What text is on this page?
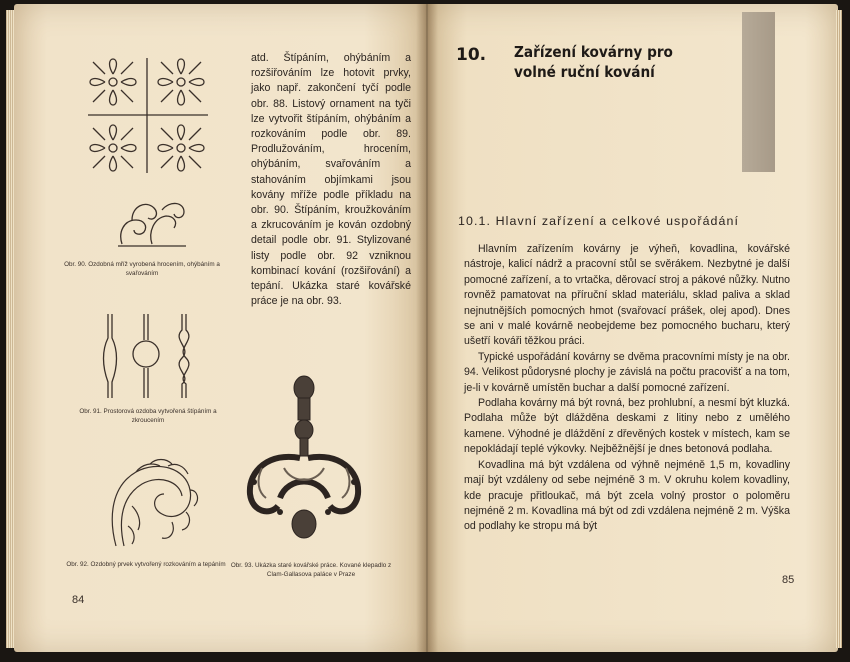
Obr. 90. Ozdobná mříž vyrobená hrocením, ohýbáním a svařováním
Obr. 91. Prostorová ozdoba vytvořená štípáním a zkroucením
Obr. 92. Ozdobný prvek vytvořený rozkováním a tepáním

atd. Štípáním, ohýbáním a rozšiřováním lze hotovit prvky, jako např. zakončení tyčí podle obr. 88. Listový ornament na tyči lze vytvořit štípáním, ohýbáním a rozkováním podle obr. 89. Prodlužováním, hrocením, ohýbáním, svařováním a stahováním objímkami jsou kovány mříže podle příkladu na obr. 90. Štípáním, kroužkováním a zkrucováním je kován ozdobný detail podle obr. 91. Stylizované listy podle obr. 92 vzniknou kombinací kování (rozšiřování) a tepání. Ukázka staré kovářské práce je na obr. 93.

Obr. 93. Ukázka staré kovářské práce. Kované klepadlo z Clam-Gallasova paláce v Praze
84
85
10. Zařízení kovárny pro volné ruční kování
10.1. Hlavní zařízení a celkové uspořádání

Hlavním zařízením kovárny je výheň, kovadlina, kovářské nástroje, kalicí nádrž a pracovní stůl se svěrákem. Nezbytné je další pomocné zařízení, a to vrtačka, děrovací stroj a pákové nůžky. Nutno rovněž pamatovat na příruční sklad materiálu, sklad paliva a sklad nejnutnějších pomocných hmot (svařovací prášek, olej apod). Dnes se ani v malé kovárně neobejdeme bez pomocného bucharu, který ušetří kováři těžkou práci.

Typické uspořádání kovárny se dvěma pracovními místy je na obr. 94. Velikost půdorysné plochy je závislá na počtu pracovišť a na tom, je-li v kovárně umístěn buchar a další pomocné zařízení.

Podlaha kovárny má být rovná, bez prohlubní, a nesmí být kluzká. Podlaha může být dlážděna deskami z litiny nebo z umělého kamene. Výhodné je dláždění z dřevěných kostek v místech, kam se nepokládají teplé výkovky. Nejběžnější je dnes betonová podlaha.

Kovadlina má být vzdálena od výhně nejméně 1,5 m, kovadliny mají být vzdáleny od sebe nejméně 3 m. V okruhu kolem kovadliny, kde pracuje přitloukač, má být zcela volný prostor o poloměru nejméně 2 m. Kovadlina má být od zdi vzdálena nejméně 2 m. Výška od podlahy ke stropu má být
